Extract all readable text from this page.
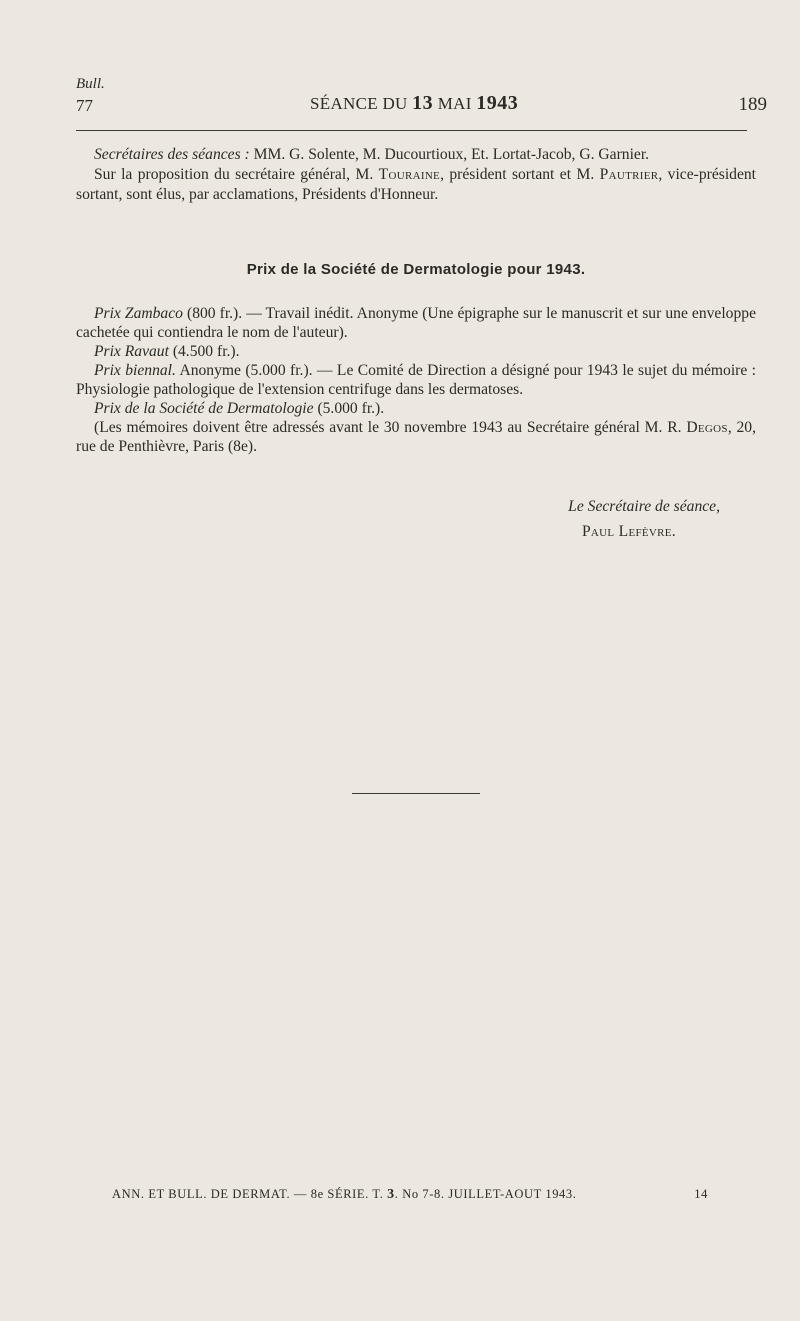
Bull.
77	SÉANCE DU 13 MAI 1943	189

Secrétaires des séances : MM. G. Solente, M. Ducourtioux, Et. Lortat-Jacob, G. Garnier.

Sur la proposition du secrétaire général, M. Touraine, président sortant et M. Pautrier, vice-président sortant, sont élus, par acclamations, Présidents d'Honneur.

Prix de la Société de Dermatologie pour 1943.

Prix Zambaco (800 fr.). — Travail inédit. Anonyme (Une épigraphe sur le manuscrit et sur une enveloppe cachetée qui contiendra le nom de l'auteur).

Prix Ravaut (4.500 fr.).

Prix biennal. Anonyme (5.000 fr.). — Le Comité de Direction a désigné pour 1943 le sujet du mémoire : Physiologie pathologique de l'extension centrifuge dans les dermatoses.

Prix de la Société de Dermatologie (5.000 fr.).

(Les mémoires doivent être adressés avant le 30 novembre 1943 au Secrétaire général M. R. Degos, 20, rue de Penthièvre, Paris (8e).

Le Secrétaire de séance,
Paul Lefèvre.
ANN. ET BULL. DE DERMAT. — 8e SÉRIE. T. 3. No 7-8. JUILLET-AOUT 1943.	14
